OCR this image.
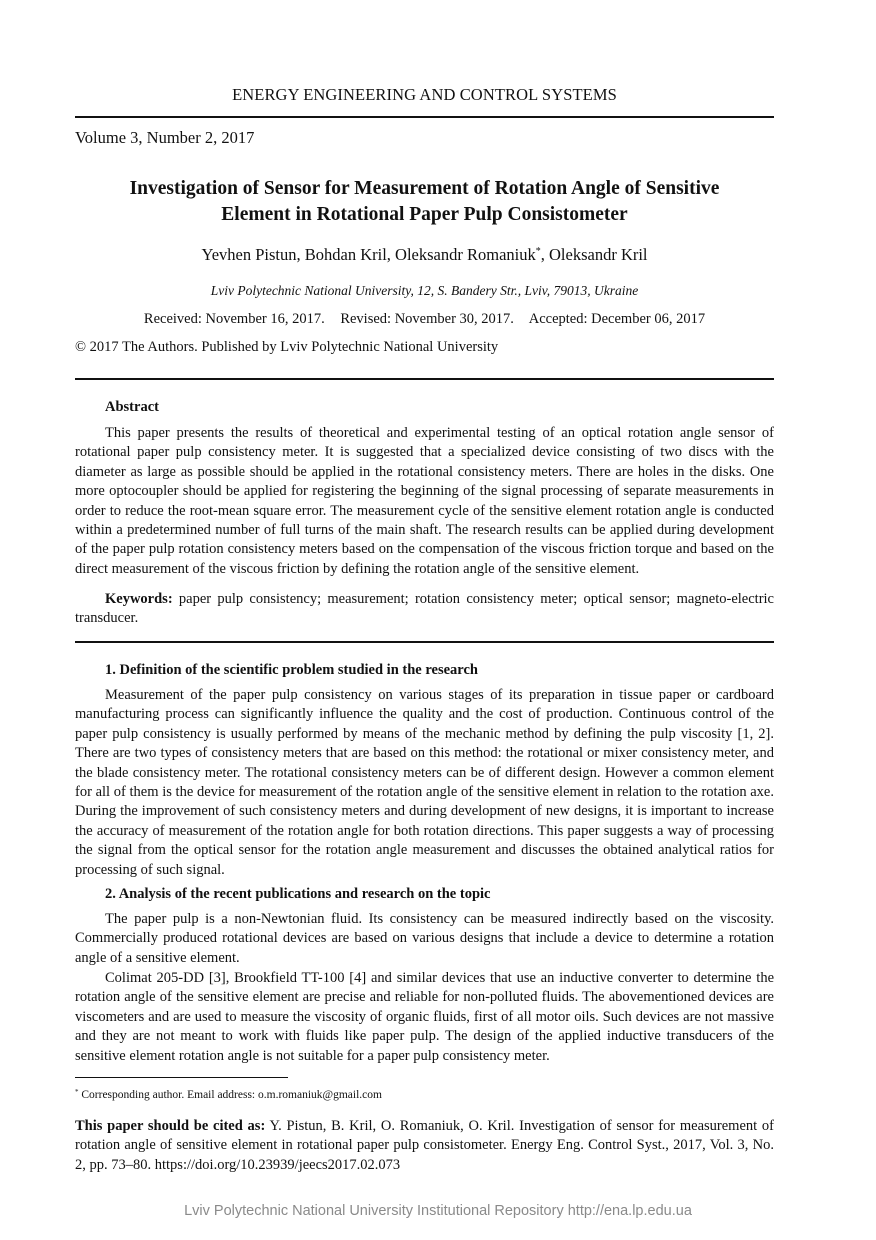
ENERGY ENGINEERING AND CONTROL SYSTEMS
Volume 3, Number 2, 2017
Investigation of Sensor for Measurement of Rotation Angle of Sensitive
Element in Rotational Paper Pulp Consistometer
Yevhen Pistun, Bohdan Kril, Oleksandr Romaniuk*, Oleksandr Kril
Lviv Polytechnic National University, 12, S. Bandery Str., Lviv, 79013, Ukraine
Received: November 16, 2017. Revised: November 30, 2017. Accepted: December 06, 2017
© 2017 The Authors. Published by Lviv Polytechnic National University
Abstract

This paper presents the results of theoretical and experimental testing of an optical rotation angle sensor of rotational paper pulp consistency meter. It is suggested that a specialized device consisting of two discs with the diameter as large as possible should be applied in the rotational consistency meters. There are holes in the disks. One more optocoupler should be applied for registering the beginning of the signal processing of separate measurements in order to reduce the root-mean square error. The measurement cycle of the sensitive element rotation angle is conducted within a predetermined number of full turns of the main shaft. The research results can be applied during development of the paper pulp rotation consistency meters based on the compensation of the viscous friction torque and based on the direct measurement of the viscous friction by defining the rotation angle of the sensitive element.

Keywords: paper pulp consistency; measurement; rotation consistency meter; optical sensor; magneto-electric transducer.

1. Definition of the scientific problem studied in the research

Measurement of the paper pulp consistency on various stages of its preparation in tissue paper or cardboard manufacturing process can significantly influence the quality and the cost of production. Continuous control of the paper pulp consistency is usually performed by means of the mechanic method by defining the pulp viscosity [1, 2]. There are two types of consistency meters that are based on this method: the rotational or mixer consistency meter, and the blade consistency meter. The rotational consistency meters can be of different design. However a common element for all of them is the device for measurement of the rotation angle of the sensitive element in relation to the rotation axe. During the improvement of such consistency meters and during development of new designs, it is important to increase the accuracy of measurement of the rotation angle for both rotation directions. This paper suggests a way of processing the signal from the optical sensor for the rotation angle measurement and discusses the obtained analytical ratios for processing of such signal.

2. Analysis of the recent publications and research on the topic

The paper pulp is a non-Newtonian fluid. Its consistency can be measured indirectly based on the viscosity. Commercially produced rotational devices are based on various designs that include a device to determine a rotation angle of a sensitive element.

Colimat 205-DD [3], Brookfield TT-100 [4] and similar devices that use an inductive converter to determine the rotation angle of the sensitive element are precise and reliable for non-polluted fluids. The abovementioned devices are viscometers and are used to measure the viscosity of organic fluids, first of all motor oils. Such devices are not massive and they are not meant to work with fluids like paper pulp. The design of the applied inductive transducers of the sensitive element rotation angle is not suitable for a paper pulp consistency meter.

* Corresponding author. Email address: o.m.romaniuk@gmail.com

This paper should be cited as: Y. Pistun, B. Kril, O. Romaniuk, O. Kril. Investigation of sensor for measurement of rotation angle of sensitive element in rotational paper pulp consistometer. Energy Eng. Control Syst., 2017, Vol. 3, No. 2, pp. 73–80. https://doi.org/10.23939/jeecs2017.02.073

Lviv Polytechnic National University Institutional Repository http://ena.lp.edu.ua
